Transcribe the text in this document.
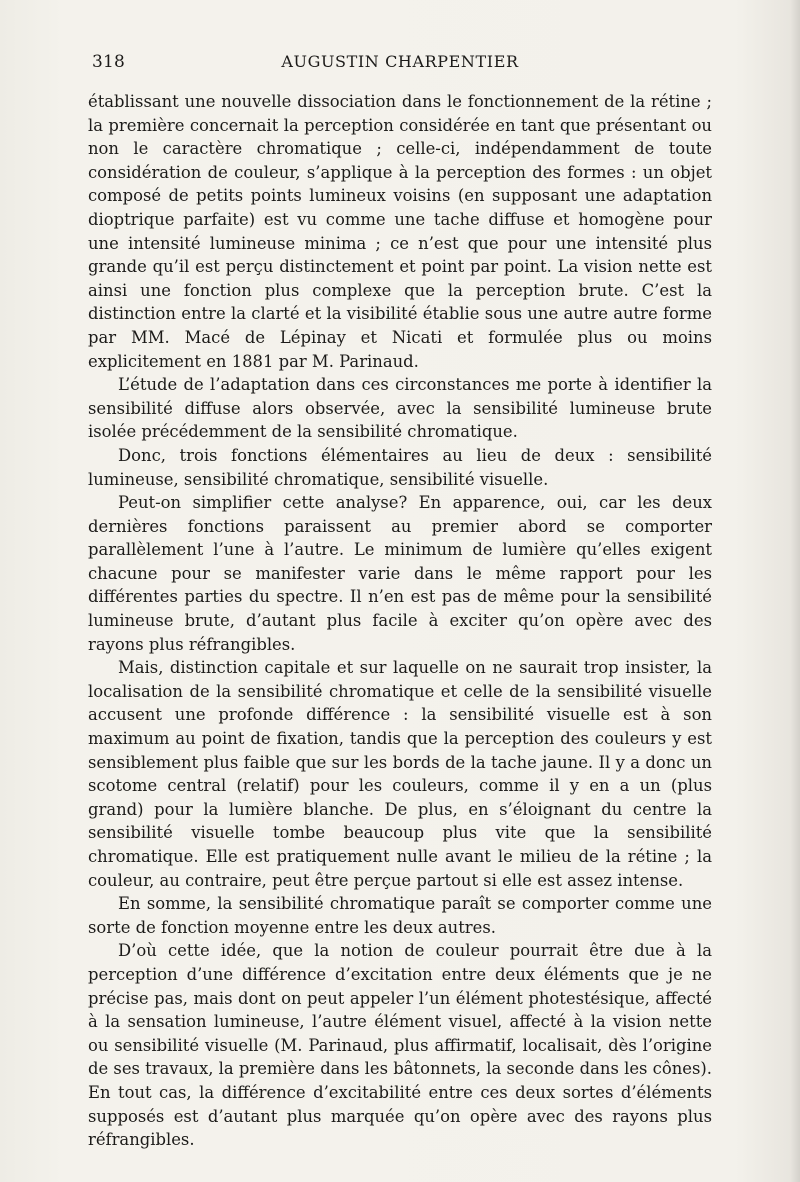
318	AUGUSTIN CHARPENTIER

établissant une nouvelle dissociation dans le fonctionnement de la rétine ; la première concernait la perception considérée en tant que présentant ou non le caractère chromatique ; celle-ci, indépendamment de toute considération de couleur, s’applique à la perception des formes : un objet composé de petits points lumineux voisins (en supposant une adaptation dioptrique parfaite) est vu comme une tache diffuse et homogène pour une intensité lumineuse minima ; ce n’est que pour une intensité plus grande qu’il est perçu distinctement et point par point. La vision nette est ainsi une fonction plus complexe que la perception brute. C’est la distinction entre la clarté et la visibilité établie sous une autre autre forme par MM. Macé de Lépinay et Nicati et formulée plus ou moins explicitement en 1881 par M. Parinaud.

L’étude de l’adaptation dans ces circonstances me porte à identifier la sensibilité diffuse alors observée, avec la sensibilité lumineuse brute isolée précédemment de la sensibilité chromatique.

Donc, trois fonctions élémentaires au lieu de deux : sensibilité lumineuse, sensibilité chromatique, sensibilité visuelle.

Peut-on simplifier cette analyse? En apparence, oui, car les deux dernières fonctions paraissent au premier abord se comporter parallèlement l’une à l’autre. Le minimum de lumière qu’elles exigent chacune pour se manifester varie dans le même rapport pour les différentes parties du spectre. Il n’en est pas de même pour la sensibilité lumineuse brute, d’autant plus facile à exciter qu’on opère avec des rayons plus réfrangibles.

Mais, distinction capitale et sur laquelle on ne saurait trop insister, la localisation de la sensibilité chromatique et celle de la sensibilité visuelle accusent une profonde différence : la sensibilité visuelle est à son maximum au point de fixation, tandis que la perception des couleurs y est sensiblement plus faible que sur les bords de la tache jaune. Il y a donc un scotome central (relatif) pour les couleurs, comme il y en a un (plus grand) pour la lumière blanche. De plus, en s’éloignant du centre la sensibilité visuelle tombe beaucoup plus vite que la sensibilité chromatique. Elle est pratiquement nulle avant le milieu de la rétine ; la couleur, au contraire, peut être perçue partout si elle est assez intense.

En somme, la sensibilité chromatique paraît se comporter comme une sorte de fonction moyenne entre les deux autres.

D’où cette idée, que la notion de couleur pourrait être due à la perception d’une différence d’excitation entre deux éléments que je ne précise pas, mais dont on peut appeler l’un élément photestésique, affecté à la sensation lumineuse, l’autre élément visuel, affecté à la vision nette ou sensibilité visuelle (M. Parinaud, plus affirmatif, localisait, dès l’origine de ses travaux, la première dans les bâtonnets, la seconde dans les cônes). En tout cas, la différence d’excitabilité entre ces deux sortes d’éléments supposés est d’autant plus marquée qu’on opère avec des rayons plus réfrangibles.
